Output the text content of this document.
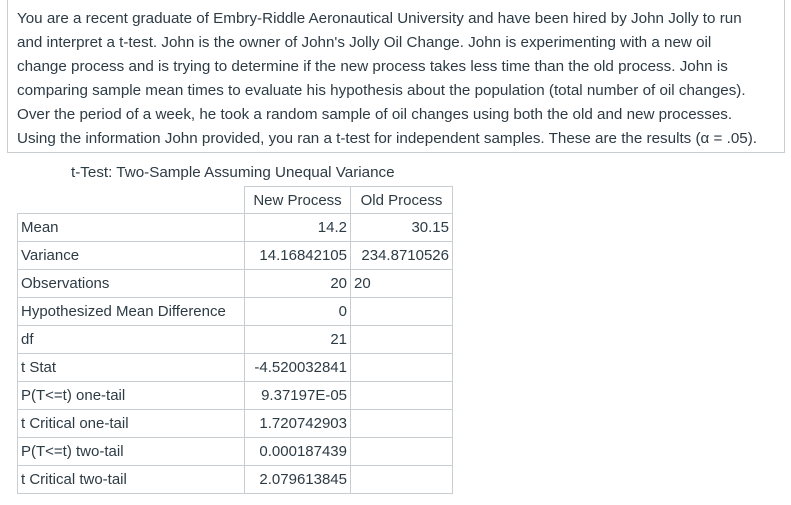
You are a recent graduate of Embry-Riddle Aeronautical University and have been hired by John Jolly to run
and interpret a t-test. John is the owner of John's Jolly Oil Change. John is experimenting with a new oil
change process and is trying to determine if the new process takes less time than the old process. John is
comparing sample mean times to evaluate his hypothesis about the population (total number of oil changes).
Over the period of a week, he took a random sample of oil changes using both the old and new processes.
Using the information John provided, you ran a t-test for independent samples. These are the results (α = .05).
t-Test: Two-Sample Assuming Unequal Variance
	New Process	Old Process
Mean	14.2	30.15
Variance	14.16842105	234.8710526
Observations	20	20
Hypothesized Mean Difference	0	
df	21	
t Stat	-4.520032841	
P(T<=t) one-tail	9.37197E-05	
t Critical one-tail	1.720742903	
P(T<=t) two-tail	0.000187439	
t Critical two-tail	2.079613845	
